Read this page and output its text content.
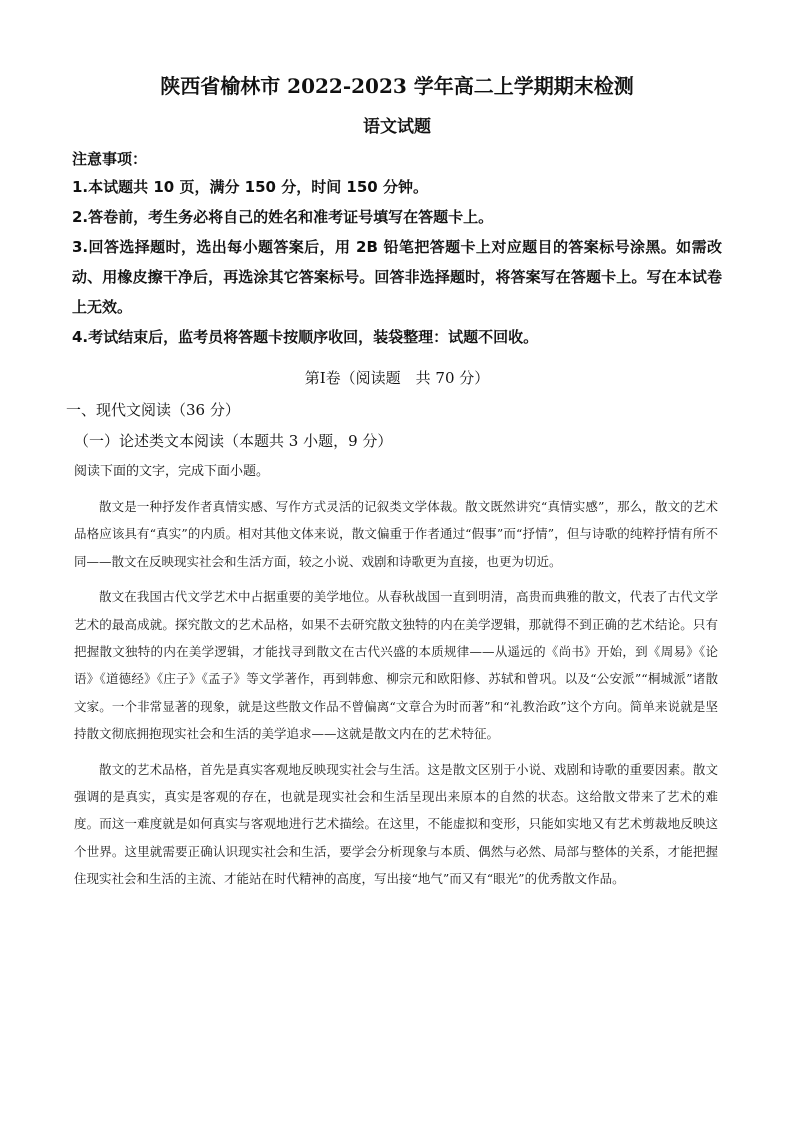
陕西省榆林市 2022-2023 学年高二上学期期末检测
语文试题
注意事项：
1.本试题共 10 页，满分 150 分，时间 150 分钟。
2.答卷前，考生务必将自己的姓名和准考证号填写在答题卡上。
3.回答选择题时，选出每小题答案后，用 2B 铅笔把答题卡上对应题目的答案标号涂黑。如需改动、用橡皮擦干净后，再选涂其它答案标号。回答非选择题时，将答案写在答题卡上。写在本试卷上无效。
4.考试结束后，监考员将答题卡按顺序收回，装袋整理：试题不回收。
第Ⅰ卷（阅读题　共 70 分）
一、现代文阅读（36 分）
（一）论述类文本阅读（本题共 3 小题，9 分）
阅读下面的文字，完成下面小题。

散文是一种抒发作者真情实感、写作方式灵活的记叙类文学体裁。散文既然讲究“真情实感”，那么，散文的艺术品格应该具有“真实”的内质。相对其他文体来说，散文偏重于作者通过“假事”而“抒情”，但与诗歌的纯粹抒情有所不同——散文在反映现实社会和生活方面，较之小说、戏剧和诗歌更为直接，也更为切近。

散文在我国古代文学艺术中占据重要的美学地位。从春秋战国一直到明清，高贵而典雅的散文，代表了古代文学艺术的最高成就。探究散文的艺术品格，如果不去研究散文独特的内在美学逻辑，那就得不到正确的艺术结论。只有把握散文独特的内在美学逻辑，才能找寻到散文在古代兴盛的本质规律——从遥远的《尚书》开始，到《周易》《论语》《道德经》《庄子》《孟子》等文学著作，再到韩愈、柳宗元和欧阳修、苏轼和曾巩。以及“公安派”“桐城派”诸散文家。一个非常显著的现象，就是这些散文作品不曾偏离“文章合为时而著”和“礼教治政”这个方向。简单来说就是坚持散文彻底拥抱现实社会和生活的美学追求——这就是散文内在的艺术特征。

散文的艺术品格，首先是真实客观地反映现实社会与生活。这是散文区别于小说、戏剧和诗歌的重要因素。散文强调的是真实，真实是客观的存在，也就是现实社会和生活呈现出来原本的自然的状态。这给散文带来了艺术的难度。而这一难度就是如何真实与客观地进行艺术描绘。在这里，不能虚拟和变形，只能如实地又有艺术剪裁地反映这个世界。这里就需要正确认识现实社会和生活，要学会分析现象与本质、偶然与必然、局部与整体的关系，才能把握住现实社会和生活的主流、才能站在时代精神的高度，写出接“地气”而又有“眼光”的优秀散文作品。
